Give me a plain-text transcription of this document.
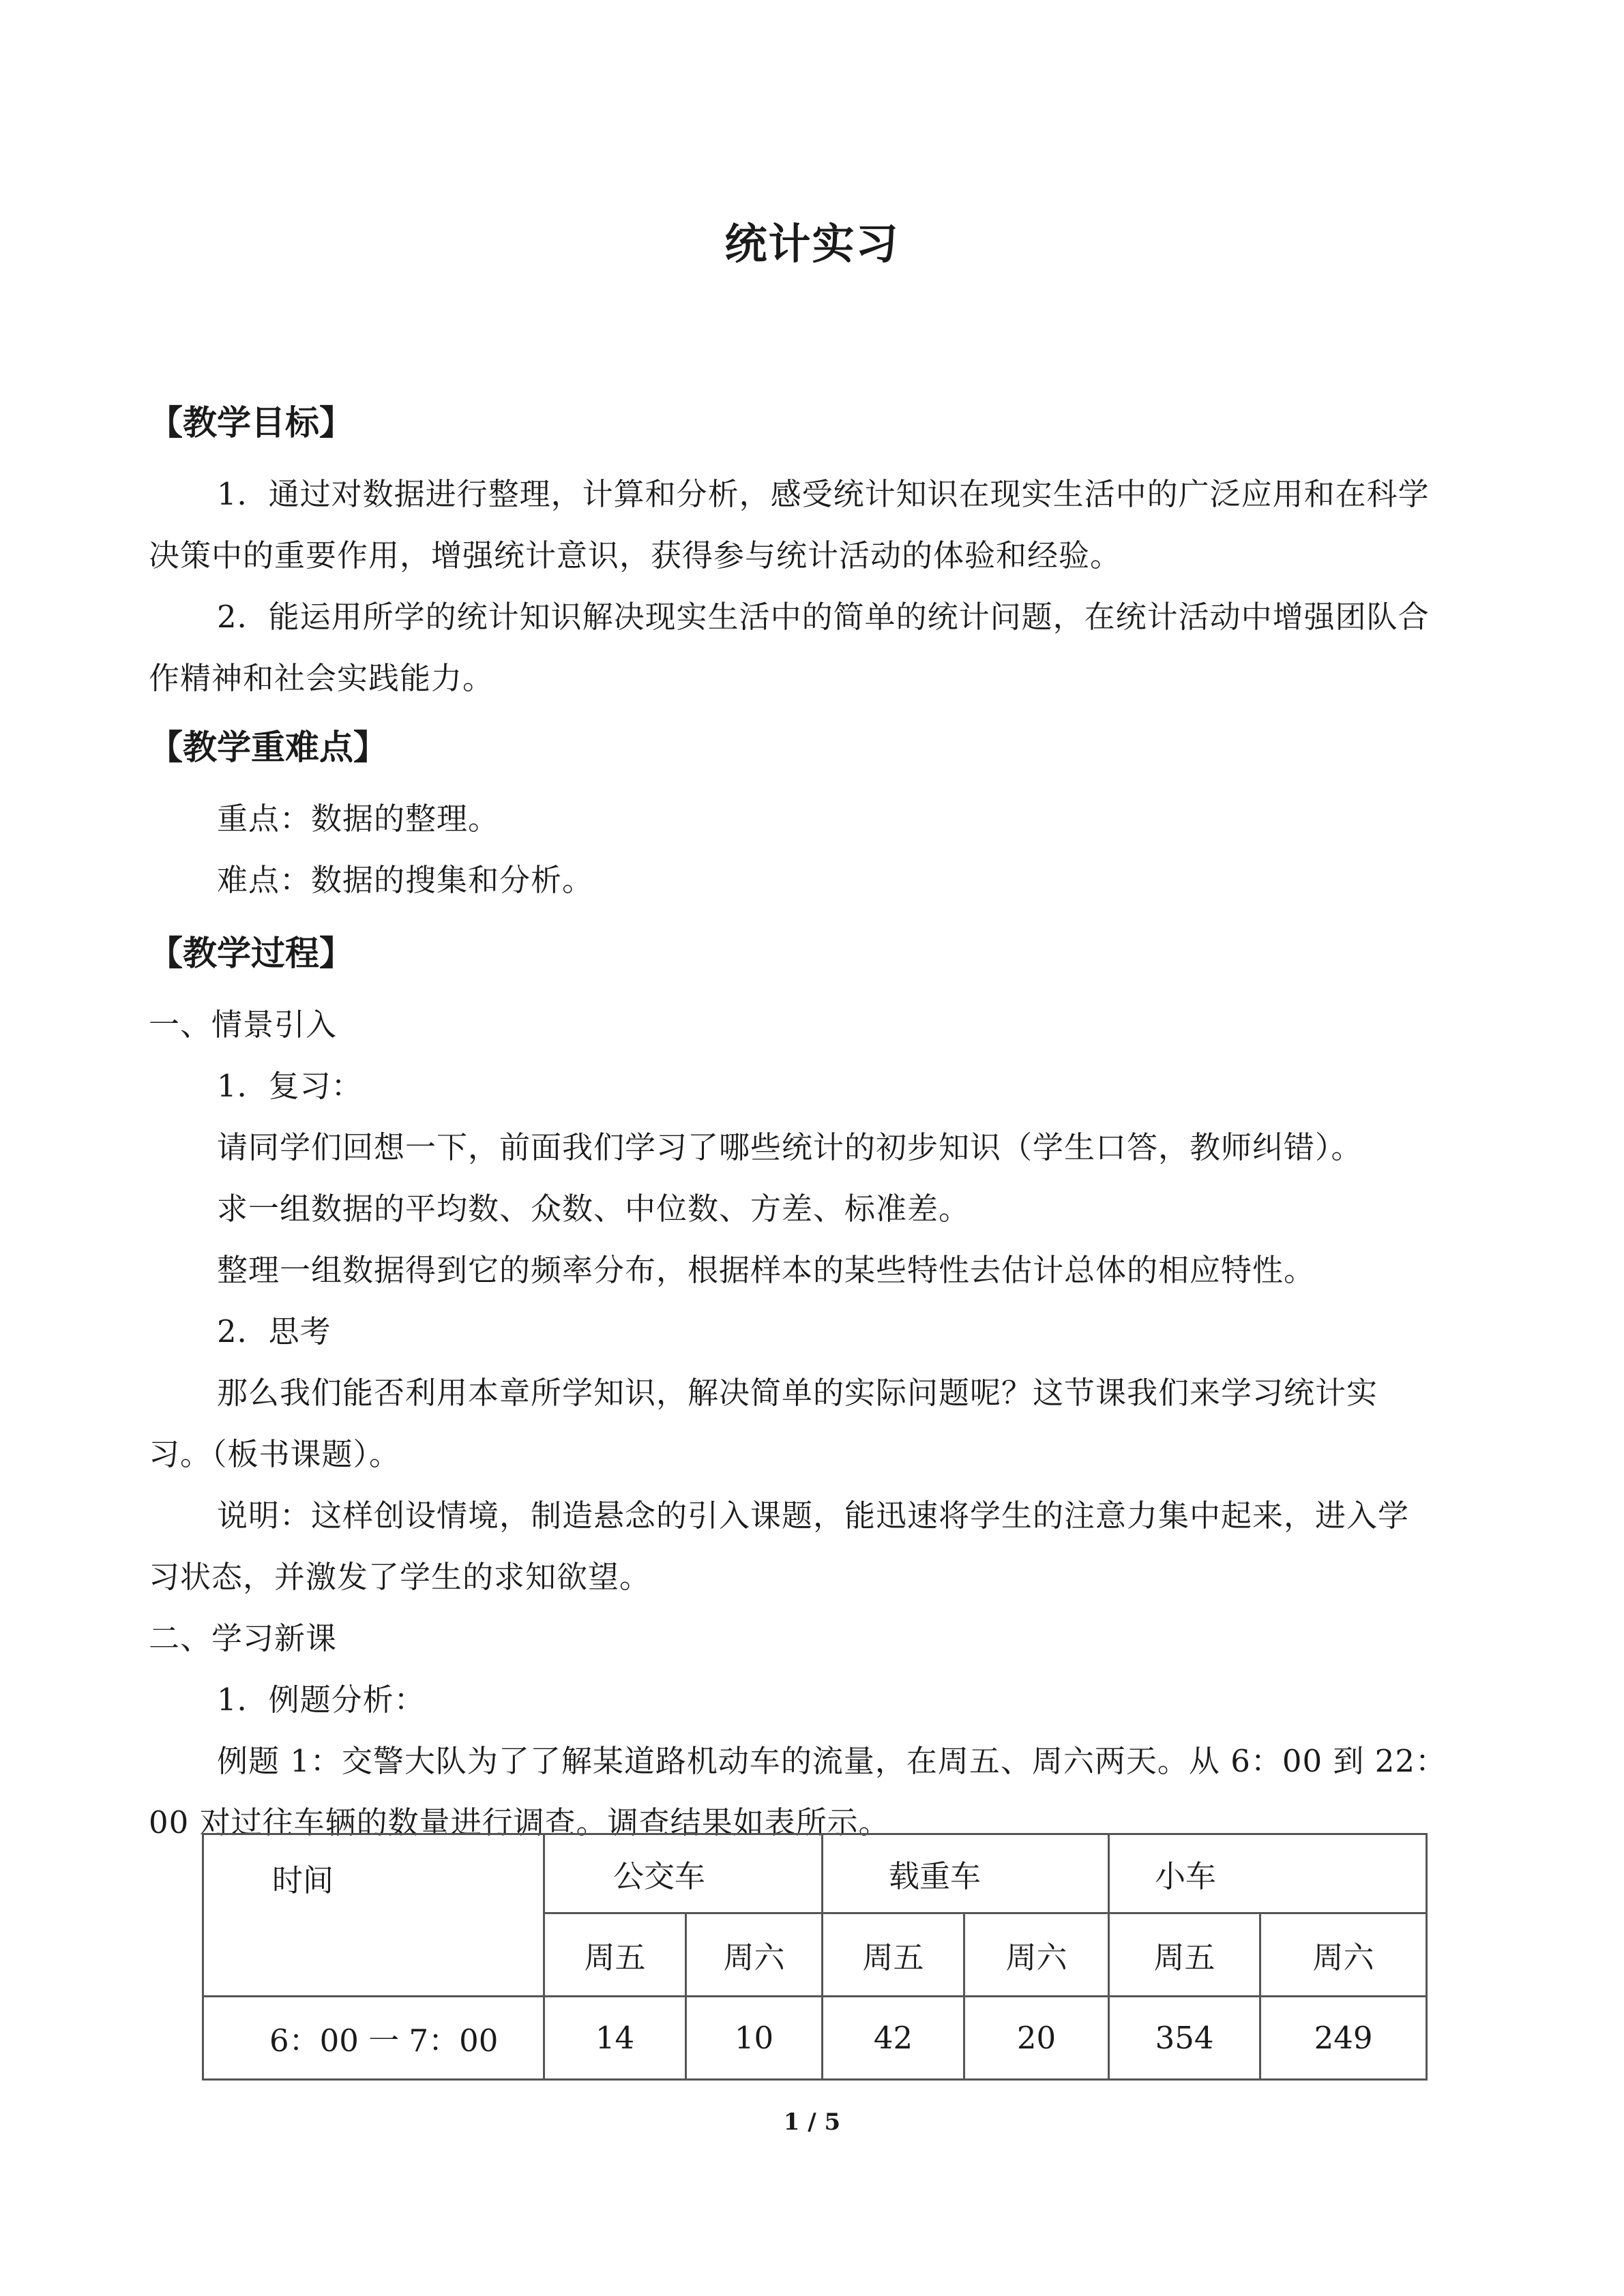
统计实习
【教学目标】
1．通过对数据进行整理，计算和分析，感受统计知识在现实生活中的广泛应用和在科学
决策中的重要作用，增强统计意识，获得参与统计活动的体验和经验。
2．能运用所学的统计知识解决现实生活中的简单的统计问题，在统计活动中增强团队合
作精神和社会实践能力。
【教学重难点】
重点：数据的整理。
难点：数据的搜集和分析。
【教学过程】
一、情景引入
1．复习：
请同学们回想一下，前面我们学习了哪些统计的初步知识（学生口答，教师纠错）。
求一组数据的平均数、众数、中位数、方差、标准差。
整理一组数据得到它的频率分布，根据样本的某些特性去估计总体的相应特性。
2．思考
那么我们能否利用本章所学知识，解决简单的实际问题呢？这节课我们来学习统计实
习。（板书课题）。
说明：这样创设情境，制造悬念的引入课题，能迅速将学生的注意力集中起来，进入学
习状态，并激发了学生的求知欲望。
二、学习新课
1．例题分析：
例题 1：交警大队为了了解某道路机动车的流量，在周五、周六两天。从 6：00 到 22：
00 对过往车辆的数量进行调查。调查结果如表所示。
时间	公交车		载重车		小车	
	周五	周六	周五	周六	周五	周六
6：00 一 7：00	14	10	42	20	354	249
1 / 5
